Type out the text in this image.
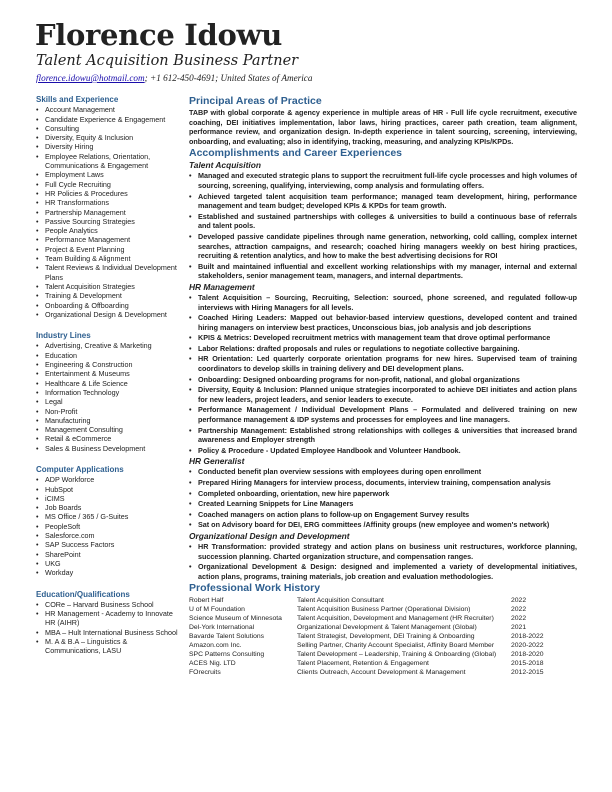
Florence Idowu
Talent Acquisition Business Partner
florence.idowu@hotmail.com; +1 612-450-4691; United States of America
Skills and Experience
• Account Management
• Candidate Experience & Engagement
• Consulting
• Diversity, Equity & Inclusion
• Diversity Hiring
• Employee Relations, Orientation, Communications & Engagement
• Employment Laws
• Full Cycle Recruiting
• HR Policies & Procedures
• HR Transformations
• Partnership Management
• Passive Sourcing Strategies
• People Analytics
• Performance Management
• Project & Event Planning
• Team Building & Alignment
• Talent Reviews & Individual Development Plans
• Talent Acquisition Strategies
• Training & Development
• Onboarding & Offboarding
• Organizational Design & Development
Industry Lines
• Advertising, Creative & Marketing
• Education
• Engineering & Construction
• Entertainment & Museums
• Healthcare & Life Science
• Information Technology
• Legal
• Non-Profit
• Manufacturing
• Management Consulting
• Retail & eCommerce
• Sales & Business Development
Computer Applications
• ADP Workforce
• HubSpot
• iCIMS
• Job Boards
• MS Office / 365 / G-Suites
• PeopleSoft
• Salesforce.com
• SAP Success Factors
• SharePoint
• UKG
• Workday
Education/Qualifications
• CORe – Harvard Business School
• HR Management - Academy to Innovate HR (AIHR)
• MBA – Hult International Business School
• M. A & B.A – Linguistics & Communications, LASU
Principal Areas of Practice

TABP with global corporate & agency experience in multiple areas of HR - Full life cycle recruitment, executive coaching, DEI initiatives implementation, labor laws, hiring practices, career path creation, team alignment, performance review, and organization design. In-depth experience in talent sourcing, screening, interviewing, onboarding, and evaluating; also in identifying, tracking, measuring, and analyzing KPIs/KPDs.

Accomplishments and Career Experiences
Talent Acquisition
• Managed and executed strategic plans to support the recruitment full-life cycle processes and high volumes of sourcing, screening, qualifying, interviewing, comp analysis and formulating offers.
• Achieved targeted talent acquisition team performance; managed team development, hiring, performance management and team budget; developed KPIs & KPDs for team growth.
• Established and sustained partnerships with colleges & universities to build a continuous base of referrals and talent pools.
• Developed passive candidate pipelines through name generation, networking, cold calling, complex internet searches, attraction campaigns, and research; coached hiring managers weekly on best hiring practices, recruiting & retention analytics, and how to make the best advertising decisions for ROI
• Built and maintained influential and excellent working relationships with my manager, internal and external stakeholders, senior management team, managers, and internal departments.
HR Management
• Talent Acquisition – Sourcing, Recruiting, Selection: sourced, phone screened, and regulated follow-up interviews with Hiring Managers for all levels.
• Coached Hiring Leaders: Mapped out behavior-based interview questions, developed content and trained hiring managers on interview best practices, Unconscious bias, job analysis and job descriptions
• KPIS & Metrics: Developed recruitment metrics with management team that drove optimal performance
• Labor Relations: drafted proposals and rules or regulations to negotiate collective bargaining.
• HR Orientation: Led quarterly corporate orientation programs for new hires. Supervised team of training coordinators to develop skills in training delivery and DEI development plans.
• Onboarding: Designed onboarding programs for non-profit, national, and global organizations
• Diversity, Equity & Inclusion: Planned unique strategies incorporated to achieve DEI initiates and action plans for new leaders, project leaders, and senior leaders to execute.
• Performance Management / Individual Development Plans – Formulated and delivered training on new performance management & IDP systems and processes for employees and line managers.
• Partnership Management: Established strong relationships with colleges & universities that increased brand awareness and Employer strength
• Policy & Procedure - Updated Employee Handbook and Volunteer Handbook.
HR Generalist
• Conducted benefit plan overview sessions with employees during open enrollment
• Prepared Hiring Managers for interview process, documents, interview training, compensation analysis
• Completed onboarding, orientation, new hire paperwork
• Created Learning Snippets for Line Managers
• Coached managers on action plans to follow-up on Engagement Survey results
• Sat on Advisory board for DEI, ERG committees /Affinity groups (new employee and women's network)
Organizational Design and Development
• HR Transformation: provided strategy and action plans on business unit restructures, workforce planning, succession planning. Charted organization structure, and compensation ranges.
• Organizational Development & Design: designed and implemented a variety of developmental initiatives, action plans, programs, training materials, job creation and evaluation methodologies.
Professional Work History
Robert Half	Talent Acquisition Consultant	2022
U of M Foundation	Talent Acquisition Business Partner (Operational Division)	2022
Science Museum of Minnesota	Talent Acquisition, Development and Management (HR Recruiter)	2022
Del-York International	Organizational Development & Talent Management (Global)	2021
Bavarde Talent Solutions	Talent Strategist, Development, DEI Training & Onboarding	2018-2022
Amazon.com Inc.	Selling Partner, Charity Account Specialist, Affinity Board Member	2020-2022
SPC Patterns Consulting	Talent Development – Leadership, Training & Onboarding (Global)	2018-2020
ACES Nig. LTD	Talent Placement, Retention & Engagement	2015-2018
FOrecruits	Clients Outreach, Account Development & Management	2012-2015
